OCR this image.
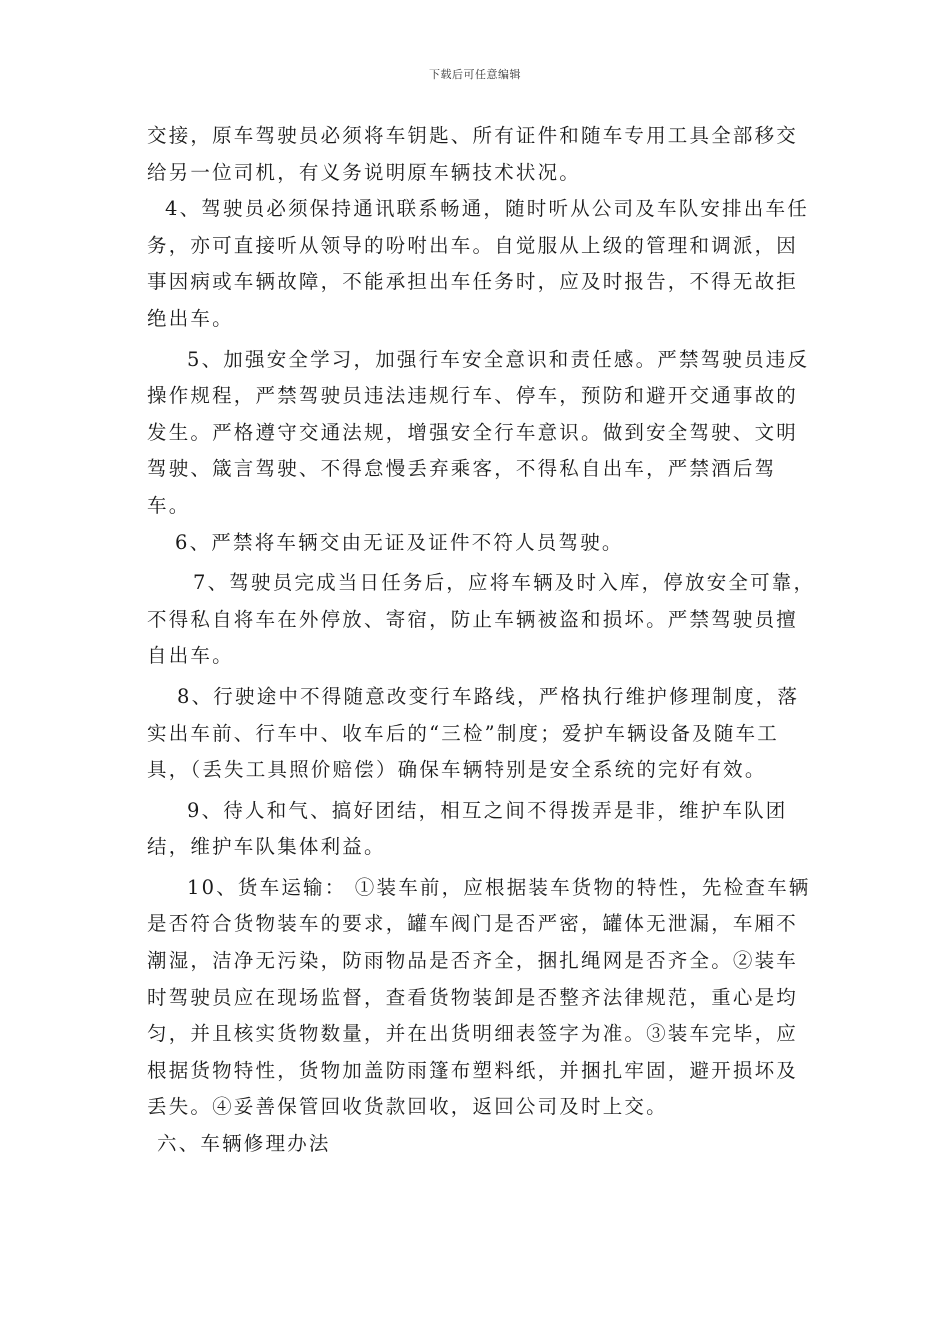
下载后可任意编辑

交接，原车驾驶员必须将车钥匙、所有证件和随车专用工具全部移交给另一位司机，有义务说明原车辆技术状况。

4、驾驶员必须保持通讯联系畅通，随时听从公司及车队安排出车任务，亦可直接听从领导的吩咐出车。自觉服从上级的管理和调派，因事因病或车辆故障，不能承担出车任务时，应及时报告，不得无故拒绝出车。

5、加强安全学习，加强行车安全意识和责任感。严禁驾驶员违反操作规程，严禁驾驶员违法违规行车、停车，预防和避开交通事故的发生。严格遵守交通法规，增强安全行车意识。做到安全驾驶、文明驾驶、箴言驾驶、不得怠慢丢弃乘客，不得私自出车，严禁酒后驾车。

6、严禁将车辆交由无证及证件不符人员驾驶。

7、驾驶员完成当日任务后，应将车辆及时入库，停放安全可靠，不得私自将车在外停放、寄宿，防止车辆被盗和损坏。严禁驾驶员擅自出车。

8、行驶途中不得随意改变行车路线，严格执行维护修理制度，落实出车前、行车中、收车后的“三检”制度；爱护车辆设备及随车工具，（丢失工具照价赔偿）确保车辆特别是安全系统的完好有效。

9、待人和气、搞好团结，相互之间不得拨弄是非，维护车队团结，维护车队集体利益。

10、货车运输： ①装车前，应根据装车货物的特性，先检查车辆是否符合货物装车的要求，罐车阀门是否严密，罐体无泄漏，车厢不潮湿，洁净无污染，防雨物品是否齐全，捆扎绳网是否齐全。②装车时驾驶员应在现场监督，查看货物装卸是否整齐法律规范，重心是均匀，并且核实货物数量，并在出货明细表签字为准。③装车完毕，应根据货物特性，货物加盖防雨篷布塑料纸，并捆扎牢固，避开损坏及丢失。④妥善保管回收货款回收，返回公司及时上交。

六、车辆修理办法
